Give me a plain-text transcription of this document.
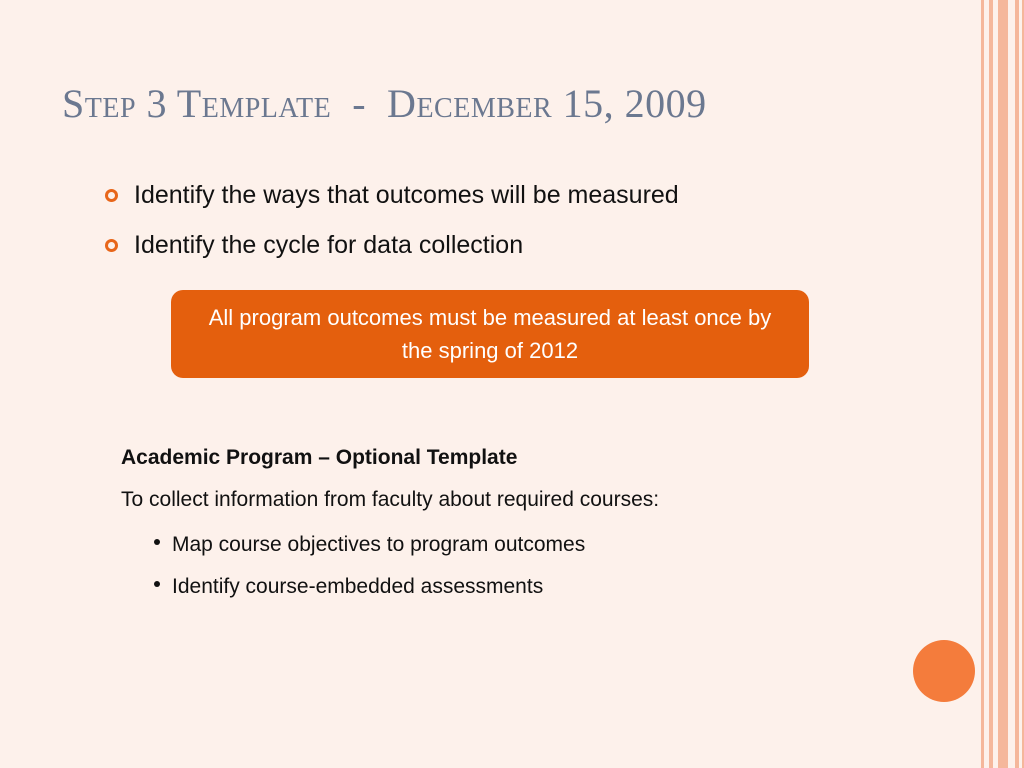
Step 3 Template  -  December 15, 2009
Identify the ways that outcomes will be measured
Identify the cycle for data collection
All program outcomes must be measured at least once by the spring of 2012

Academic Program – Optional Template

To collect information from faculty about required courses:

Map course objectives to program outcomes
Identify course-embedded assessments
